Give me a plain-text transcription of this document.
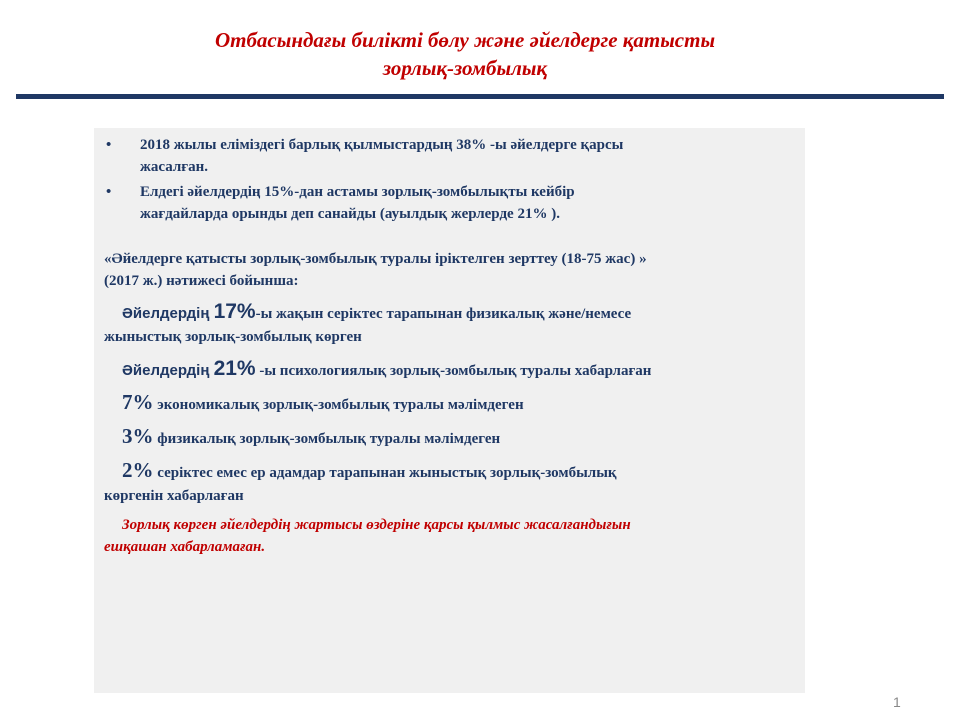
Отбасындағы билікті бөлу және әйелдерге қатысты
зорлық-зомбылық
• 2018 жылы еліміздегі барлық қылмыстардың 38% -ы әйелдерге қарсы
жасалған.
• Елдегі әйелдердің 15%-дан астамы зорлық-зомбылықты кейбір
жағдайларда орынды деп санайды (ауылдық жерлерде 21% ).
«Әйелдерге қатысты зорлық-зомбылық туралы іріктелген зерттеу (18-75 жас) »
(2017 ж.) нәтижесі бойынша:
Әйелдердің 17%-ы жақын серіктес тарапынан физикалық және/немесе
жыныстық зорлық-зомбылық көрген
Әйелдердің 21% -ы психологиялық зорлық-зомбылық туралы хабарлаған
7% экономикалық зорлық-зомбылық туралы мәлімдеген
3% физикалық зорлық-зомбылық туралы мәлімдеген
2% серіктес емес ер адамдар тарапынан жыныстық зорлық-зомбылық
көргенін хабарлаған
Зорлық көрген әйелдердің жартысы өздеріне қарсы қылмыс жасалғандығын
ешқашан хабарламаған.
1
